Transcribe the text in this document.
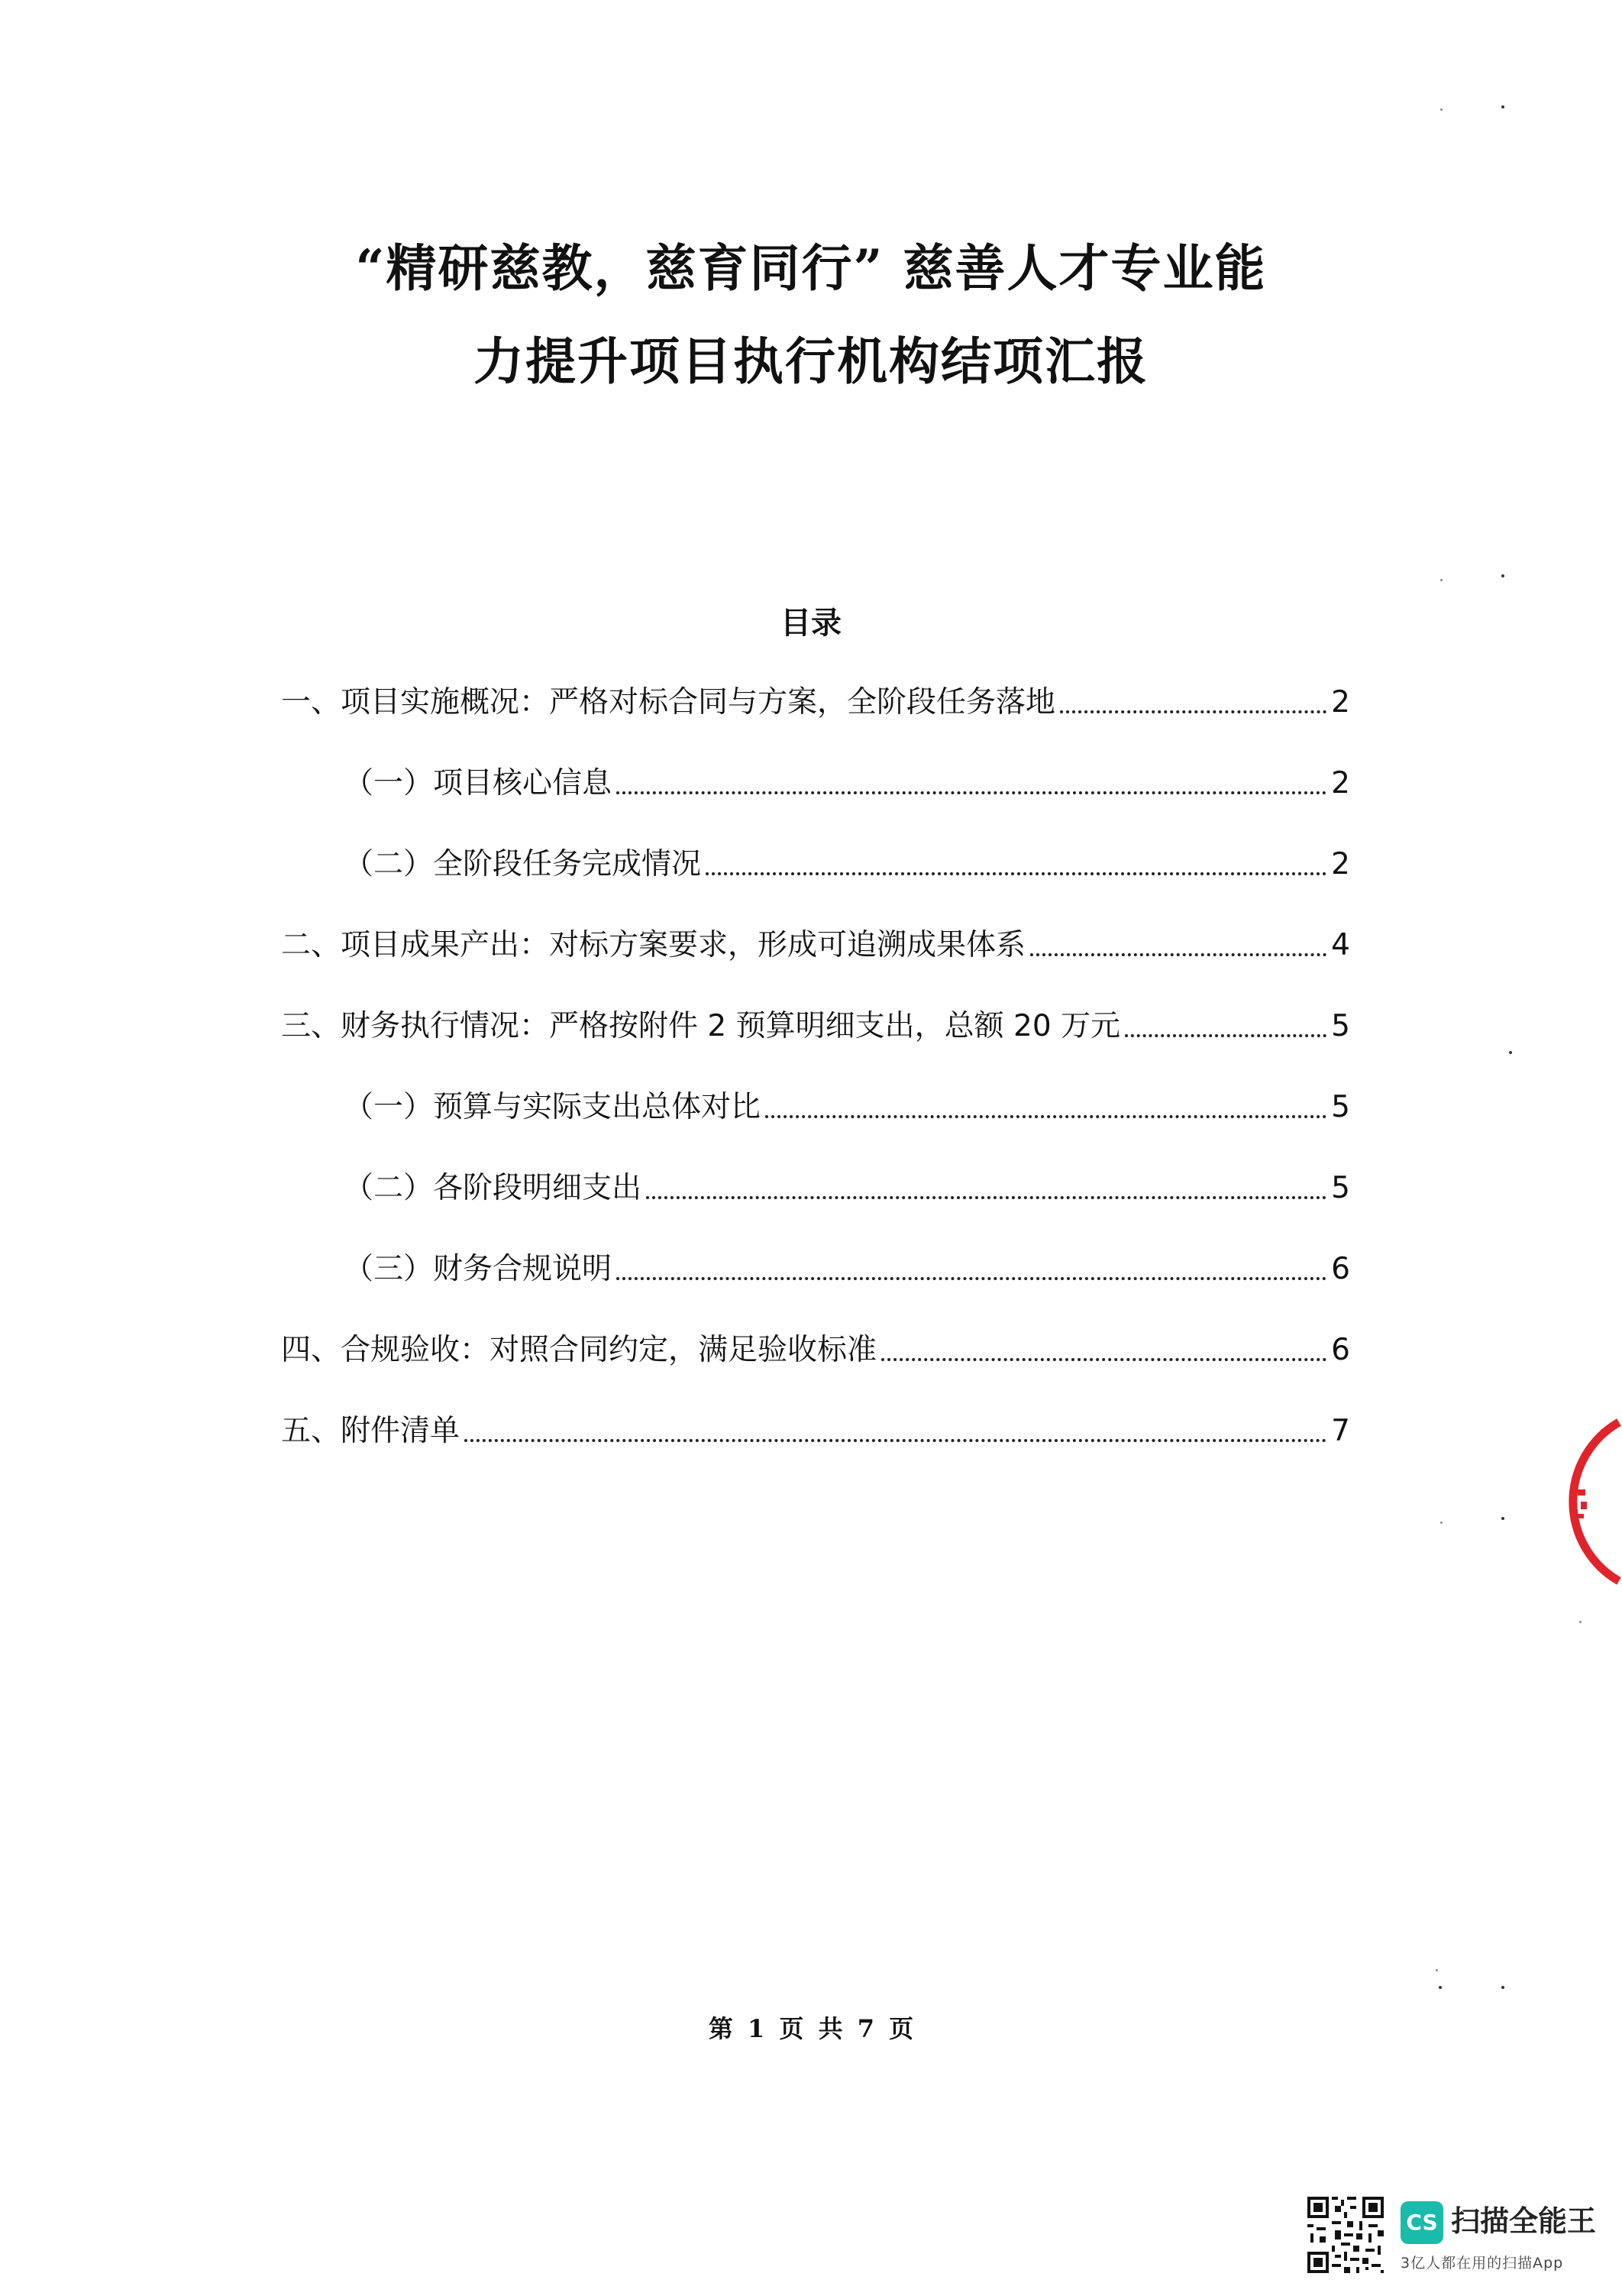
“精研慈教，慈育同行” 慈善人才专业能
力提升项目执行机构结项汇报
目录
一、项目实施概况：严格对标合同与方案，全阶段任务落地	2
（一）项目核心信息	2
（二）全阶段任务完成情况	2
二、项目成果产出：对标方案要求，形成可追溯成果体系	4
三、财务执行情况：严格按附件 2 预算明细支出，总额 20 万元	5
（一）预算与实际支出总体对比	5
（二）各阶段明细支出	5
（三）财务合规说明	6
四、合规验收：对照合同约定，满足验收标准	6
五、附件清单	7
第 1 页 共 7 页
CS 扫描全能王
3亿人都在用的扫描App
